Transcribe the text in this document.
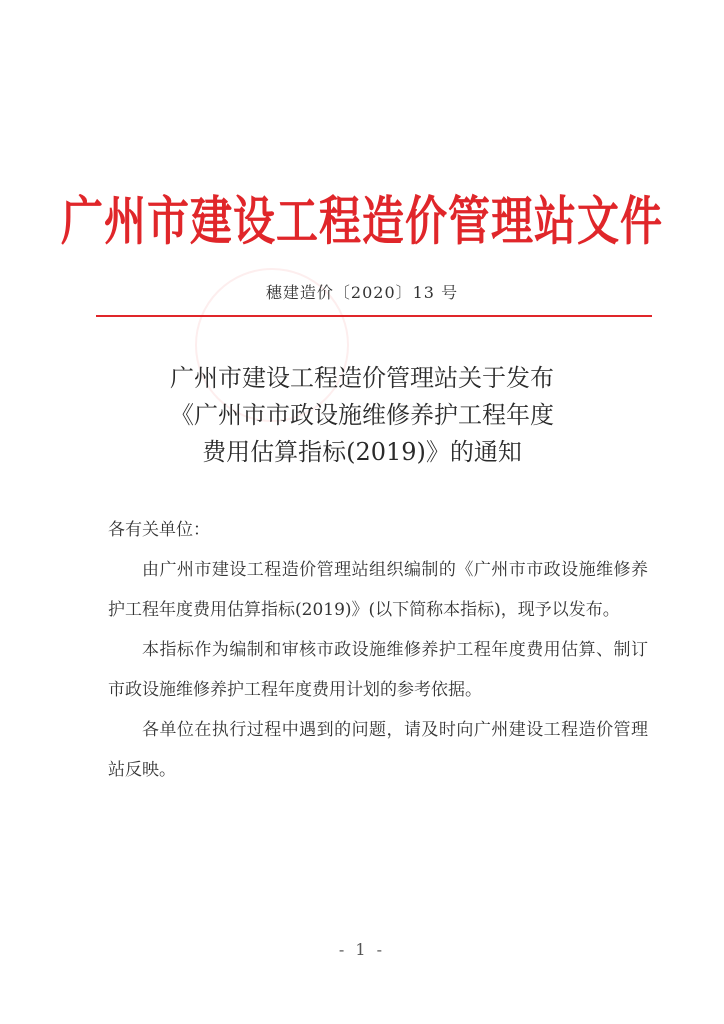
广州市建设工程造价管理站文件
穗建造价〔2020〕13 号
广州市建设工程造价管理站关于发布
《广州市市政设施维修养护工程年度
费用估算指标(2019)》的通知

各有关单位：

由广州市建设工程造价管理站组织编制的《广州市市政设施维修养护工程年度费用估算指标(2019)》(以下简称本指标)，现予以发布。

本指标作为编制和审核市政设施维修养护工程年度费用估算、制订市政设施维修养护工程年度费用计划的参考依据。

各单位在执行过程中遇到的问题，请及时向广州建设工程造价管理站反映。

- 1 -
